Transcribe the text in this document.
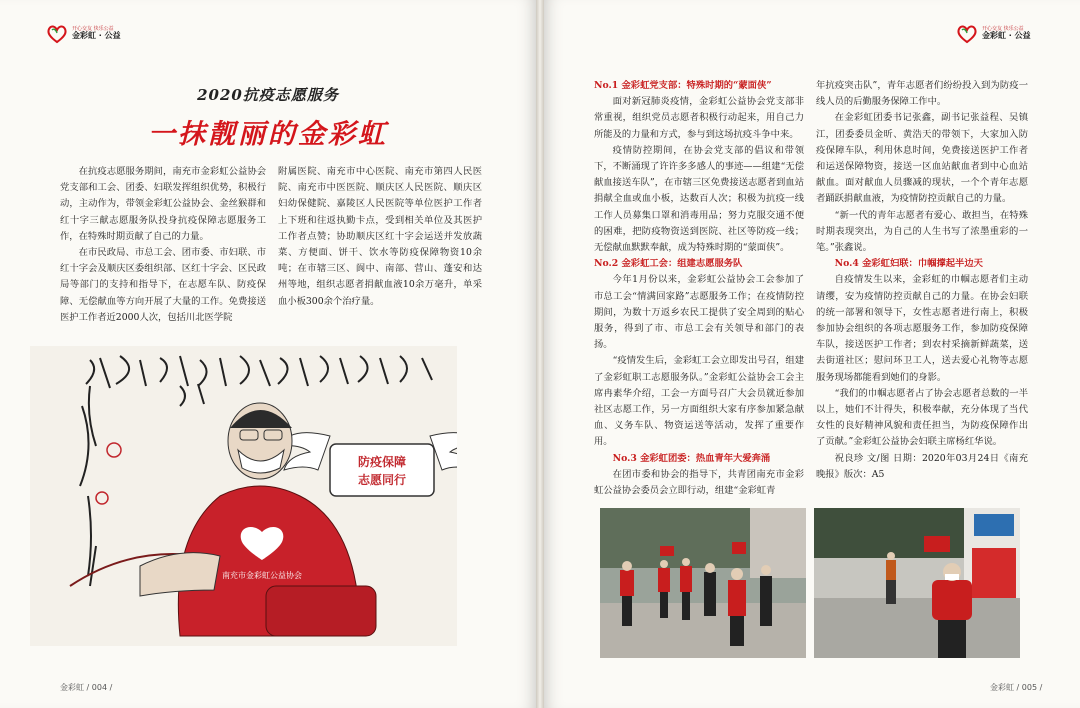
开心交友 快乐公益
金彩虹 · 公益
2020抗疫志愿服务
一抹靓丽的金彩虹

在抗疫志愿服务期间，南充市金彩虹公益协会党支部和工会、团委、妇联发挥组织优势，积极行动，主动作为，带领金彩虹公益协会、金丝猴群和红十字三献志愿服务队投身抗疫保障志愿服务工作，在特殊时期贡献了自己的力量。

在市民政局、市总工会、团市委、市妇联、市红十字会及顺庆区委组织部、区红十字会、区民政局等部门的支持和指导下，在志愿车队、防疫保障、无偿献血等方向开展了大量的工作。免费接送医护工作者近2000人次，包括川北医学院

附属医院、南充市中心医院、南充市第四人民医院、南充市中医医院、顺庆区人民医院、顺庆区妇幼保健院、嘉陵区人民医院等单位医护工作者上下班和往返执勤卡点，受到相关单位及其医护工作者点赞；协助顺庆区红十字会运送并发放蔬菜、方便面、饼干、饮水等防疫保障物资10余吨；在市辖三区、阆中、南部、营山、蓬安和达州等地，组织志愿者捐献血液10余万毫升，单采血小板300余个治疗量。

防疫保障
志愿同行
南充市金彩虹公益协会
金彩虹 / 004 /
开心交友 快乐公益
金彩虹 · 公益

No.1 金彩虹党支部：特殊时期的“蒙面侠”

面对新冠肺炎疫情，金彩虹公益协会党支部非常重视，组织党员志愿者积极行动起来，用自己力所能及的力量和方式，参与到这场抗疫斗争中来。

疫情防控期间，在协会党支部的倡议和带领下，不断涌现了许许多多感人的事迹——组建“无偿献血接送车队”，在市辖三区免费接送志愿者到血站捐献全血或血小板，达数百人次；积极为抗疫一线工作人员募集口罩和消毒用品；努力克服交通不便的困难，把防疫物资送到医院、社区等防疫一线；无偿献血默默奉献，成为特殊时期的“蒙面侠”。

No.2 金彩虹工会：组建志愿服务队

今年1月份以来，金彩虹公益协会工会参加了市总工会“情满回家路”志愿服务工作；在疫情防控期间，为数十万返乡农民工提供了安全周到的贴心服务，得到了市、市总工会有关领导和部门的表扬。

“疫情发生后，金彩虹工会立即发出号召，组建了金彩虹职工志愿服务队。”金彩虹公益协会工会主席冉素华介绍，工会一方面号召广大会员就近参加社区志愿工作，另一方面组织大家有序参加紧急献血、义务车队、物资运送等活动，发挥了重要作用。

No.3 金彩虹团委：热血青年大爱奔涌

在团市委和协会的指导下，共青团南充市金彩虹公益协会委员会立即行动，组建“金彩虹青

年抗疫突击队”，青年志愿者们纷纷投入到为防疫一线人员的后勤服务保障工作中。

在金彩虹团委书记张鑫，副书记张益程、吴镇江，团委委员金昕、黄浩天的带领下，大家加入防疫保障车队，利用休息时间，免费接送医护工作者和运送保障物资，接送一区血站献血者到中心血站献血。面对献血人员骤减的现状，一个个青年志愿者踊跃捐献血液，为疫情防控贡献自己的力量。

“新一代的青年志愿者有爱心、敢担当，在特殊时期表现突出，为自己的人生书写了浓墨重彩的一笔。”张鑫说。

No.4 金彩虹妇联：巾帼撑起半边天

自疫情发生以来，金彩虹的巾帼志愿者们主动请缨，安为疫情防控贡献自己的力量。在协会妇联的统一部署和领导下，女性志愿者进行南上，积极参加协会组织的各项志愿服务工作，参加防疫保障车队，接送医护工作者；到农村采摘新鲜蔬菜，送去街道社区；慰问环卫工人，送去爱心礼物等志愿服务现场都能看到她们的身影。

“我们的巾帼志愿者占了协会志愿者总数的一半以上，她们不计得失，积极奉献，充分体现了当代女性的良好精神风貌和责任担当，为防疫保障作出了贡献。”金彩虹公益协会妇联主席杨红华说。

祝良珍 文/图 日期：2020年03月24日《南充晚报》版次：A5

金彩虹 / 005 /
